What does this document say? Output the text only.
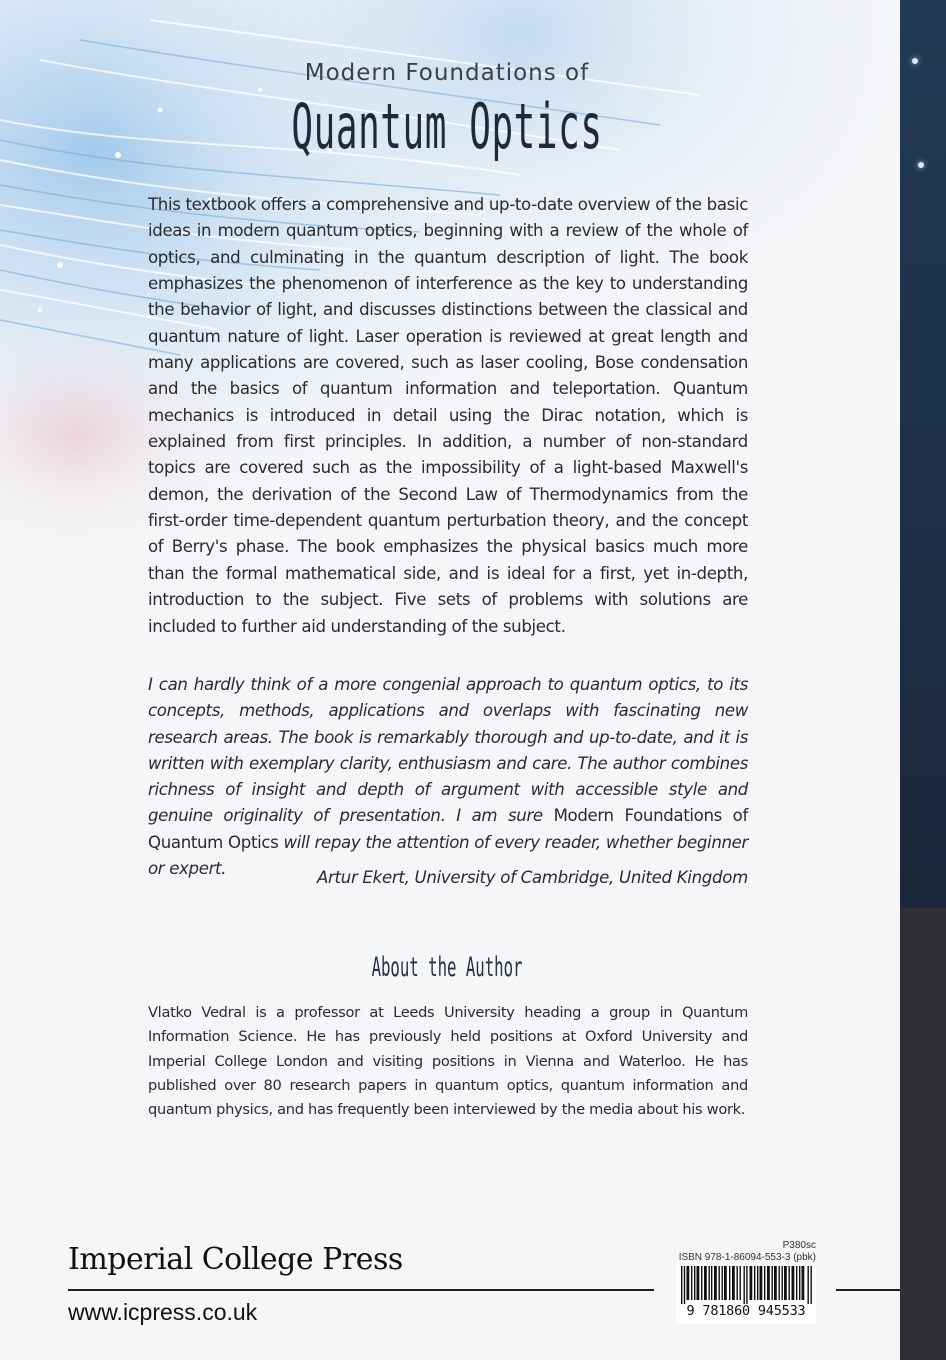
Modern Foundations of
Quantum Optics
This textbook offers a comprehensive and up-to-date overview of the basic ideas in modern quantum optics, beginning with a review of the whole of optics, and culminating in the quantum description of light. The book emphasizes the phenomenon of interference as the key to understanding the behavior of light, and discusses distinctions between the classical and quantum nature of light. Laser operation is reviewed at great length and many applications are covered, such as laser cooling, Bose condensation and the basics of quantum information and teleportation. Quantum mechanics is introduced in detail using the Dirac notation, which is explained from first principles. In addition, a number of non-standard topics are covered such as the impossibility of a light-based Maxwell's demon, the derivation of the Second Law of Thermodynamics from the first-order time-dependent quantum perturbation theory, and the concept of Berry's phase. The book emphasizes the physical basics much more than the formal mathematical side, and is ideal for a first, yet in-depth, introduction to the subject. Five sets of problems with solutions are included to further aid understanding of the subject.
I can hardly think of a more congenial approach to quantum optics, to its concepts, methods, applications and overlaps with fascinating new research areas. The book is remarkably thorough and up-to-date, and it is written with exemplary clarity, enthusiasm and care. The author combines richness of insight and depth of argument with accessible style and genuine originality of presentation. I am sure Modern Foundations of Quantum Optics will repay the attention of every reader, whether beginner or expert.	Artur Ekert, University of Cambridge, United Kingdom
About the Author
Vlatko Vedral is a professor at Leeds University heading a group in Quantum Information Science. He has previously held positions at Oxford University and Imperial College London and visiting positions in Vienna and Waterloo. He has published over 80 research papers in quantum optics, quantum information and quantum physics, and has frequently been interviewed by the media about his work.
Imperial College Press
www.icpress.co.uk
P380sc
ISBN 978-1-86094-553-3 (pbk)
9 781860 945533
